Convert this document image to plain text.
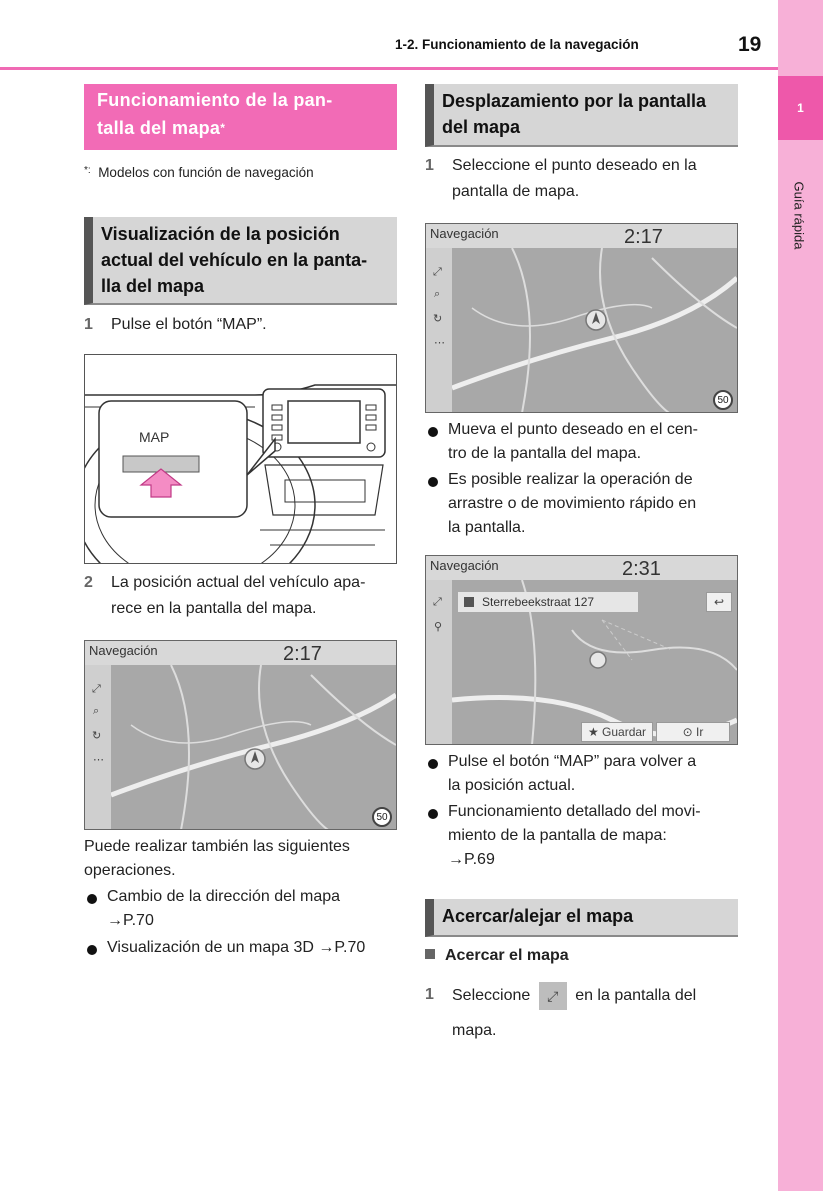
1-2. Funcionamiento de la navegación	19
1
Guía rápida
Funcionamiento de la pan-
talla del mapa*
*: Modelos con función de navegación
Visualización de la posición
actual del vehículo en la panta-
lla del mapa
1	Pulse el botón “MAP”.
MAP
2	La posición actual del vehículo apa-
rece en la pantalla del mapa.
Navegación	2:17
⤢
⌕
↻
⋯
50
Puede realizar también las siguientes
operaciones.
Cambio de la dirección del mapa
→P.70
Visualización de un mapa 3D →P.70
Desplazamiento por la pantalla
del mapa
1	Seleccione el punto deseado en la
pantalla de mapa.
Navegación	2:17
⤢
⌕
↻
⋯
50
Mueva el punto deseado en el cen-
tro de la pantalla del mapa.
Es posible realizar la operación de
arrastre o de movimiento rápido en
la pantalla.
Navegación	2:31
⤢
⚲
Sterrebeekstraat 127	↩
★ Guardar	⊙ Ir
Pulse el botón “MAP” para volver a
la posición actual.
Funcionamiento detallado del movi-
miento de la pantalla de mapa:
→P.69
Acercar/alejar el mapa
Acercar el mapa
1	Seleccione ⤢ en la pantalla del
mapa.
